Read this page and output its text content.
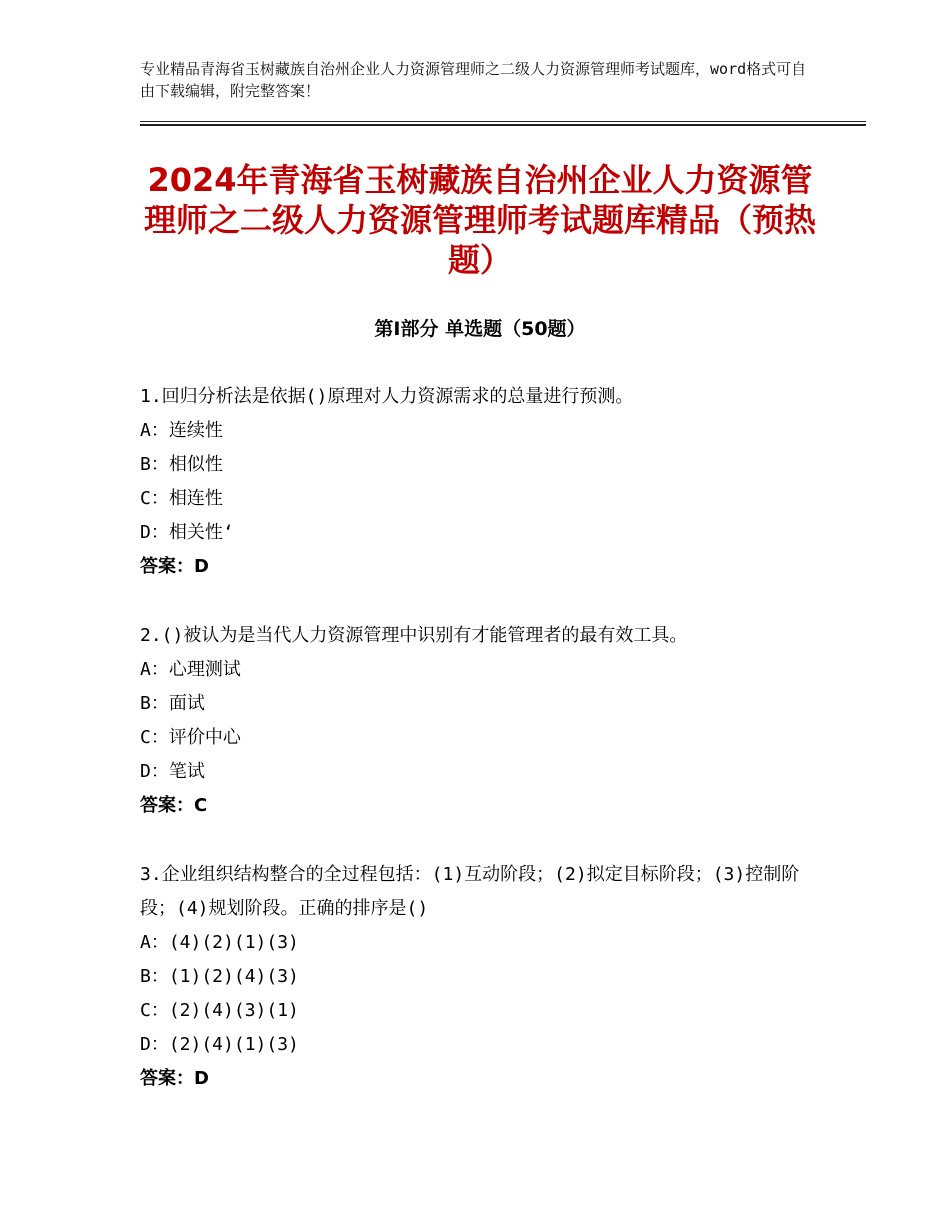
专业精品青海省玉树藏族自治州企业人力资源管理师之二级人力资源管理师考试题库，word格式可自由下载编辑，附完整答案！
2024年青海省玉树藏族自治州企业人力资源管理师之二级人力资源管理师考试题库精品（预热题）
第Ⅰ部分 单选题（50题）

1.回归分析法是依据()原理对人力资源需求的总量进行预测。

A：连续性

B：相似性

C：相连性

D：相关性‘

答案：D

2.()被认为是当代人力资源管理中识别有才能管理者的最有效工具。

A：心理测试

B：面试

C：评价中心

D：笔试

答案：C

3.企业组织结构整合的全过程包括：(1)互动阶段；(2)拟定目标阶段；(3)控制阶段；(4)规划阶段。正确的排序是()

A：(4)(2)(1)(3)

B：(1)(2)(4)(3)

C：(2)(4)(3)(1)

D：(2)(4)(1)(3)

答案：D
